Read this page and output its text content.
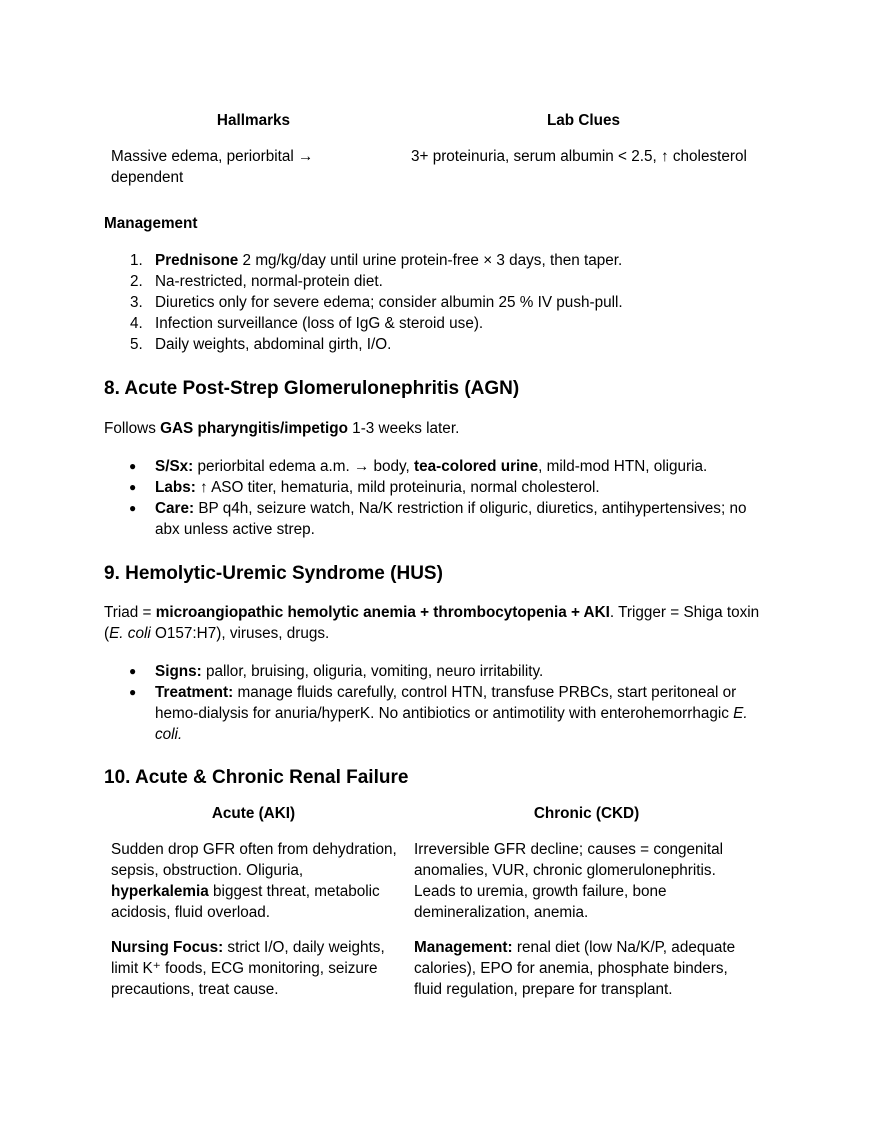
Hallmarks	Lab Clues
Massive edema, periorbital → dependent
3+ proteinuria, serum albumin < 2.5, ↑ cholesterol
Management
Prednisone 2 mg/kg/day until urine protein-free × 3 days, then taper.
Na-restricted, normal-protein diet.
Diuretics only for severe edema; consider albumin 25 % IV push-pull.
Infection surveillance (loss of IgG & steroid use).
Daily weights, abdominal girth, I/O.
8. Acute Post-Strep Glomerulonephritis (AGN)
Follows GAS pharyngitis/impetigo 1-3 weeks later.
● S/Sx: periorbital edema a.m. → body, tea-colored urine, mild-mod HTN, oliguria.
● Labs: ↑ ASO titer, hematuria, mild proteinuria, normal cholesterol.
● Care: BP q4h, seizure watch, Na/K restriction if oliguric, diuretics, antihypertensives; no abx unless active strep.
9. Hemolytic-Uremic Syndrome (HUS)
Triad = microangiopathic hemolytic anemia + thrombocytopenia + AKI. Trigger = Shiga toxin (E. coli O157:H7), viruses, drugs.
● Signs: pallor, bruising, oliguria, vomiting, neuro irritability.
● Treatment: manage fluids carefully, control HTN, transfuse PRBCs, start peritoneal or hemo-dialysis for anuria/hyperK. No antibiotics or antimotility with enterohemorrhagic E. coli.
10. Acute & Chronic Renal Failure
Acute (AKI)	Chronic (CKD)
Sudden drop GFR often from dehydration, sepsis, obstruction. Oliguria, hyperkalemia biggest threat, metabolic acidosis, fluid overload.
Irreversible GFR decline; causes = congenital anomalies, VUR, chronic glomerulonephritis. Leads to uremia, growth failure, bone demineralization, anemia.
Nursing Focus: strict I/O, daily weights, limit K⁺ foods, ECG monitoring, seizure precautions, treat cause.
Management: renal diet (low Na/K/P, adequate calories), EPO for anemia, phosphate binders, fluid regulation, prepare for transplant.
